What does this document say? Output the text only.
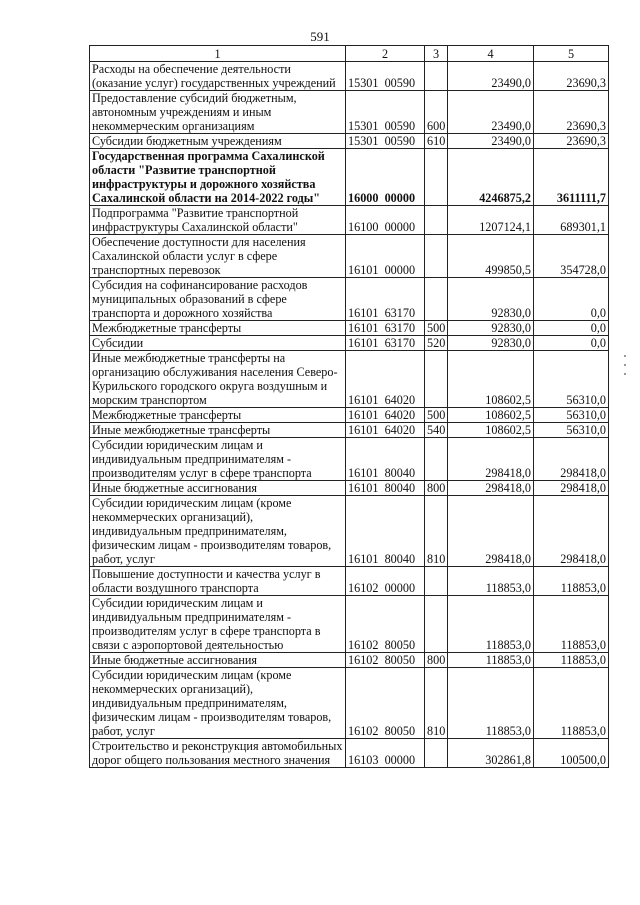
591
1	2	3	4	5
Расходы на обеспечение деятельности (оказание услуг) государственных учреждений	15301  00590		23490,0	23690,3
Предоставление субсидий бюджетным, автономным учреждениям и иным некоммерческим организациям	15301  00590	600	23490,0	23690,3
Субсидии бюджетным учреждениям	15301  00590	610	23490,0	23690,3
Государственная программа Сахалинской области "Развитие транспортной инфраструктуры и дорожного хозяйства Сахалинской области на 2014-2022 годы"	16000  00000		4246875,2	3611111,7
Подпрограмма "Развитие транспортной инфраструктуры Сахалинской области"	16100  00000		1207124,1	689301,1
Обеспечение доступности для населения Сахалинской области услуг в сфере транспортных перевозок	16101  00000		499850,5	354728,0
Субсидия на софинансирование расходов муниципальных образований в сфере транспорта и дорожного хозяйства	16101  63170		92830,0	0,0
Межбюджетные трансферты	16101  63170	500	92830,0	0,0
Субсидии	16101  63170	520	92830,0	0,0
Иные межбюджетные трансферты на организацию обслуживания населения Северо-Курильского городского округа воздушным и морским транспортом	16101  64020		108602,5	56310,0
Межбюджетные трансферты	16101  64020	500	108602,5	56310,0
Иные межбюджетные трансферты	16101  64020	540	108602,5	56310,0
Субсидии юридическим лицам и индивидуальным предпринимателям - производителям услуг в сфере транспорта	16101  80040		298418,0	298418,0
Иные бюджетные ассигнования	16101  80040	800	298418,0	298418,0
Субсидии юридическим лицам (кроме некоммерческих организаций), индивидуальным предпринимателям, физическим лицам - производителям товаров, работ, услуг	16101  80040	810	298418,0	298418,0
Повышение доступности и качества услуг в области воздушного транспорта	16102  00000		118853,0	118853,0
Субсидии юридическим лицам и индивидуальным предпринимателям - производителям услуг в сфере транспорта в связи с аэропортовой деятельностью	16102  80050		118853,0	118853,0
Иные бюджетные ассигнования	16102  80050	800	118853,0	118853,0
Субсидии юридическим лицам (кроме некоммерческих организаций), индивидуальным предпринимателям, физическим лицам - производителям товаров, работ, услуг	16102  80050	810	118853,0	118853,0
Строительство и реконструкция автомобильных дорог общего пользования местного значения	16103  00000		302861,8	100500,0
